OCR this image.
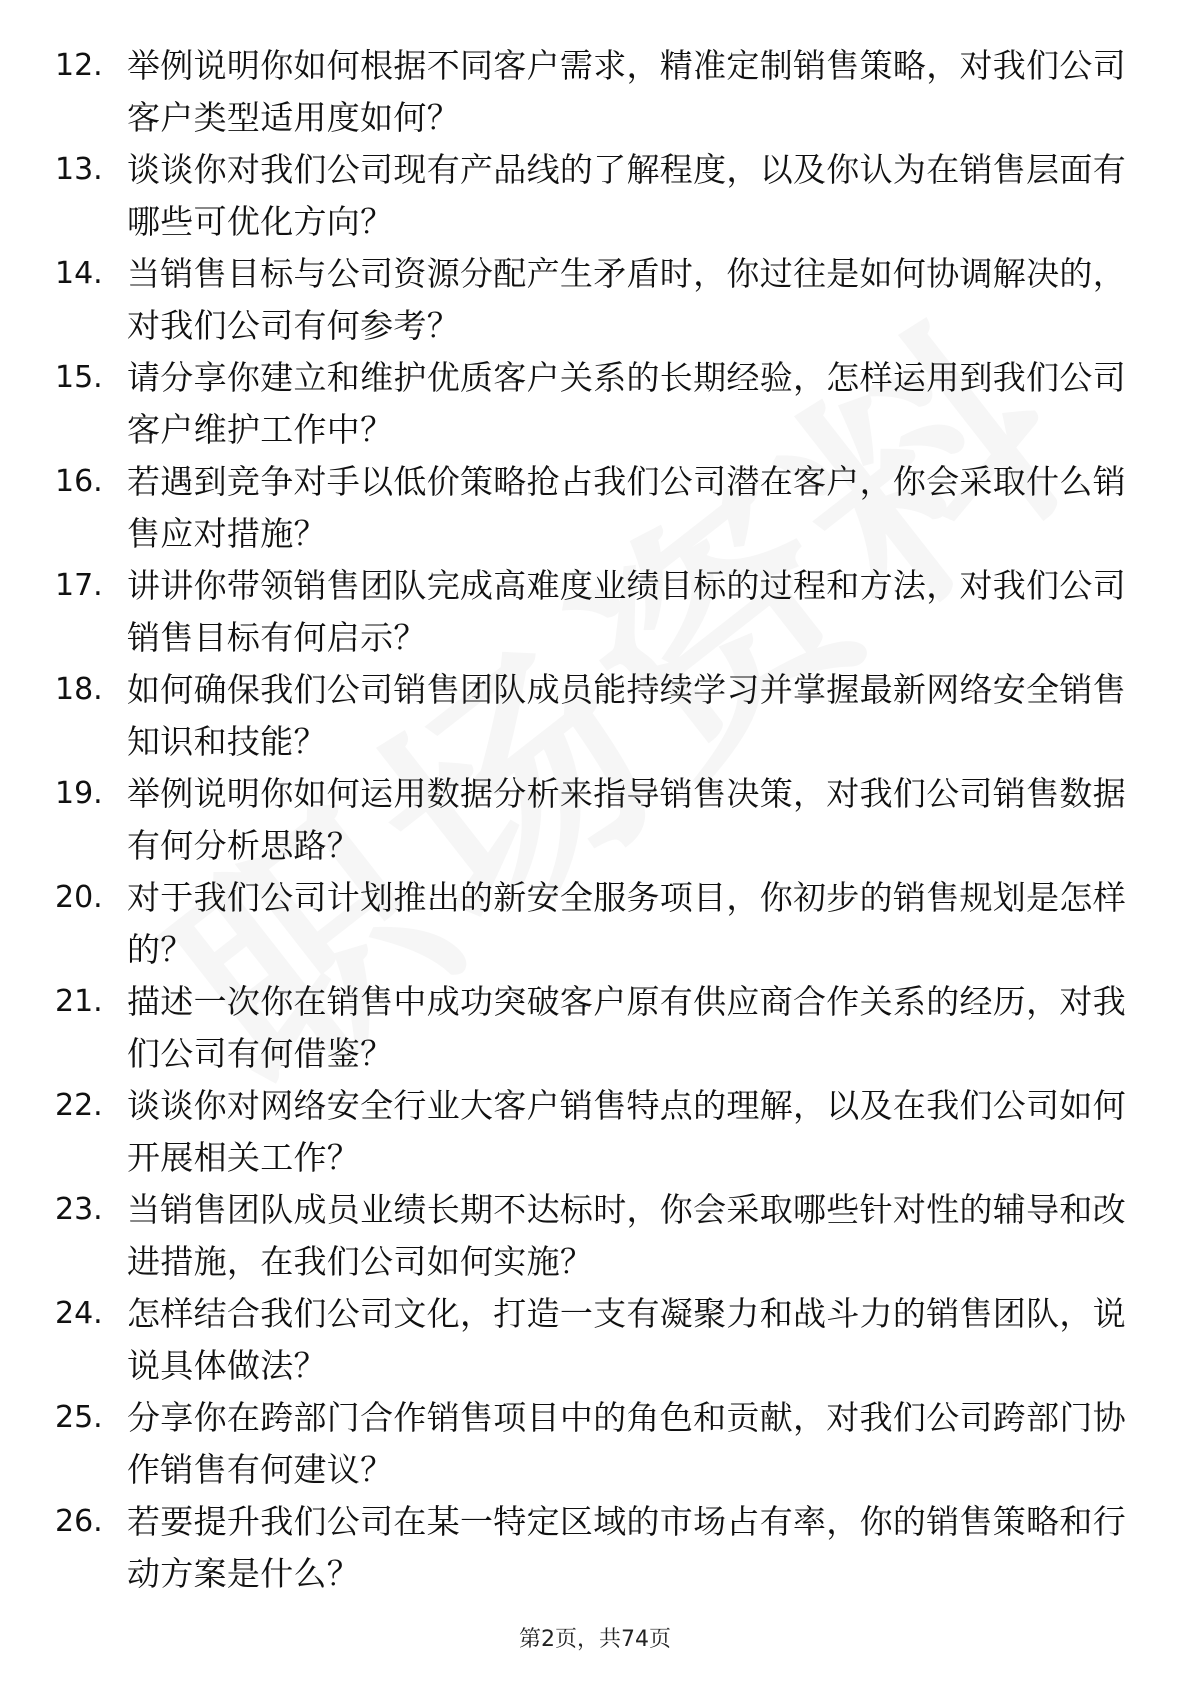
12. 举例说明你如何根据不同客户需求，精准定制销售策略，对我们公司客户类型适用度如何？
13. 谈谈你对我们公司现有产品线的了解程度，以及你认为在销售层面有哪些可优化方向？
14. 当销售目标与公司资源分配产生矛盾时，你过往是如何协调解决的，对我们公司有何参考？
15. 请分享你建立和维护优质客户关系的长期经验，怎样运用到我们公司客户维护工作中？
16. 若遇到竞争对手以低价策略抢占我们公司潜在客户，你会采取什么销售应对措施？
17. 讲讲你带领销售团队完成高难度业绩目标的过程和方法，对我们公司销售目标有何启示？
18. 如何确保我们公司销售团队成员能持续学习并掌握最新网络安全销售知识和技能？
19. 举例说明你如何运用数据分析来指导销售决策，对我们公司销售数据有何分析思路？
20. 对于我们公司计划推出的新安全服务项目，你初步的销售规划是怎样的？
21. 描述一次你在销售中成功突破客户原有供应商合作关系的经历，对我们公司有何借鉴？
22. 谈谈你对网络安全行业大客户销售特点的理解，以及在我们公司如何开展相关工作？
23. 当销售团队成员业绩长期不达标时，你会采取哪些针对性的辅导和改进措施，在我们公司如何实施？
24. 怎样结合我们公司文化，打造一支有凝聚力和战斗力的销售团队，说说具体做法？
25. 分享你在跨部门合作销售项目中的角色和贡献，对我们公司跨部门协作销售有何建议？
26. 若要提升我们公司在某一特定区域的市场占有率，你的销售策略和行动方案是什么？
第2页，共74页
